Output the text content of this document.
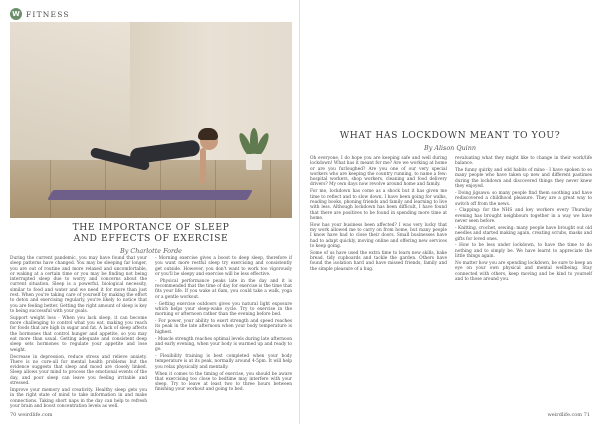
W FITNESS
THE IMPORTANCE OF SLEEP
AND EFFECTS OF EXERCISE
By Charlotte Forde

During the current pandemic, you may have found that your sleep patterns have changed. You may be sleeping far longer, you are out of routine and more relaxed and uncomfortable, or waking at a certain time or you may be finding not being interrupted sleep due to worry and concerns about the current situation. Sleep is a powerful, biological necessity, similar to food and water and we need it for more than just rest. When you're taking care of yourself by making the effort to detox and exercising regularly, you're likely to notice that you are feeling better. Getting the right amount of sleep is key to being successful with your goals.

Support weight loss - When you lack sleep, it can become more challenging to control what you eat, making you reach for foods that are high in sugar and fat. A lack of sleep affects the hormones that control hunger and appetite, so you may eat more than usual. Getting adequate and consistent deep sleep sets hormones to regulate your appetite and lose weight.

Decrease in depression, reduce stress and relieve anxiety. There is no cure-all for mental health problems but the evidence suggests that sleep and mood are closely linked. Sleep allows your mind to process the emotional events of the day, and poor sleep can leave you feeling irritable and stressed.

Improve your memory and creativity. Healthy sleep gets you in the right state of mind to take information in and make connections. Taking short naps in the day can help to refresh your brain and boost concentration levels as well.

- Morning exercise gives a boost to deep sleep, therefore if you want more restful sleep try exercising and consistently get outside. However, you don't want to work too vigorously or you'll be sleepy and exercise will be less effective.

- Physical performance peaks late in the day and it is recommended that the time of day for exercise is the time that fits your life. If you wake at 6am, you could take a walk, yoga or a gentle workout.

- Getting exercise outdoors gives you natural light exposure which helps your sleep-wake cycle. Try to exercise in the morning or afternoon rather than the evening before bed.

- For power, your ability to exert strength and speed reaches its peak in the late afternoon when your body temperature is highest.

- Muscle strength reaches optimal levels during late afternoon and early evening, when your body is warmed up and ready to go.

- Flexibility training is best completed when your body temperature is at its peak, normally around 4-5pm. It will help you relax physically and mentally.

When it comes to the timing of exercise, you should be aware that exercising too close to bedtime may interfere with your sleep. Try to leave at least two to three hours between finishing your workout and going to bed.

70 weirdlife.com
WHAT HAS LOCKDOWN MEANT TO YOU?
By Alison Quinn

Oh everyone, I do hope you are keeping safe and well during lockdown! What has it meant for me? Are we working at home or are you furloughed? Are you one of our very special workers who are keeping the country running, to name a few: hospital workers, shop workers, cleaning and food delivery drivers? My own days now revolve around home and family.

For me, lockdown has come as a shock but it has given me time to reflect and to slow down. I have been going for walks, reading books, phoning friends and family and learning to live with less. Although lockdown has been difficult, I have found that there are positives to be found in spending more time at home.

How has your business been affected? I was very lucky that my work allowed me to carry on from home, but many people I know have had to close their doors. Small businesses have had to adapt quickly, moving online and offering new services to keep going.

Some of us have used the extra time to learn new skills, bake bread, tidy cupboards and tackle the garden. Others have found the isolation hard and have missed friends, family and the simple pleasure of a hug.

revaluating what they might like to change in their work/life balance.

The funny quirky and odd habits of mine - I have spoken to so many people who have taken up new and different pastimes during the lockdown and discovered things they never knew they enjoyed.

- Doing jigsaws: so many people find them soothing and have rediscovered a childhood pleasure. They are a great way to switch off from the news.

- Clapping: for the NHS and key workers every Thursday evening has brought neighbours together in a way we have never seen before.

- Knitting, crochet, sewing: many people have brought out old needles and started making again, creating scrubs, masks and gifts for loved ones.

- How to be less under lockdown, to have the time to do nothing and to simply be. We have learnt to appreciate the little things again.

No matter how you are spending lockdown, be sure to keep an eye on your own physical and mental wellbeing. Stay connected with others, keep moving and be kind to yourself and to those around you.

weirdlife.com 71
